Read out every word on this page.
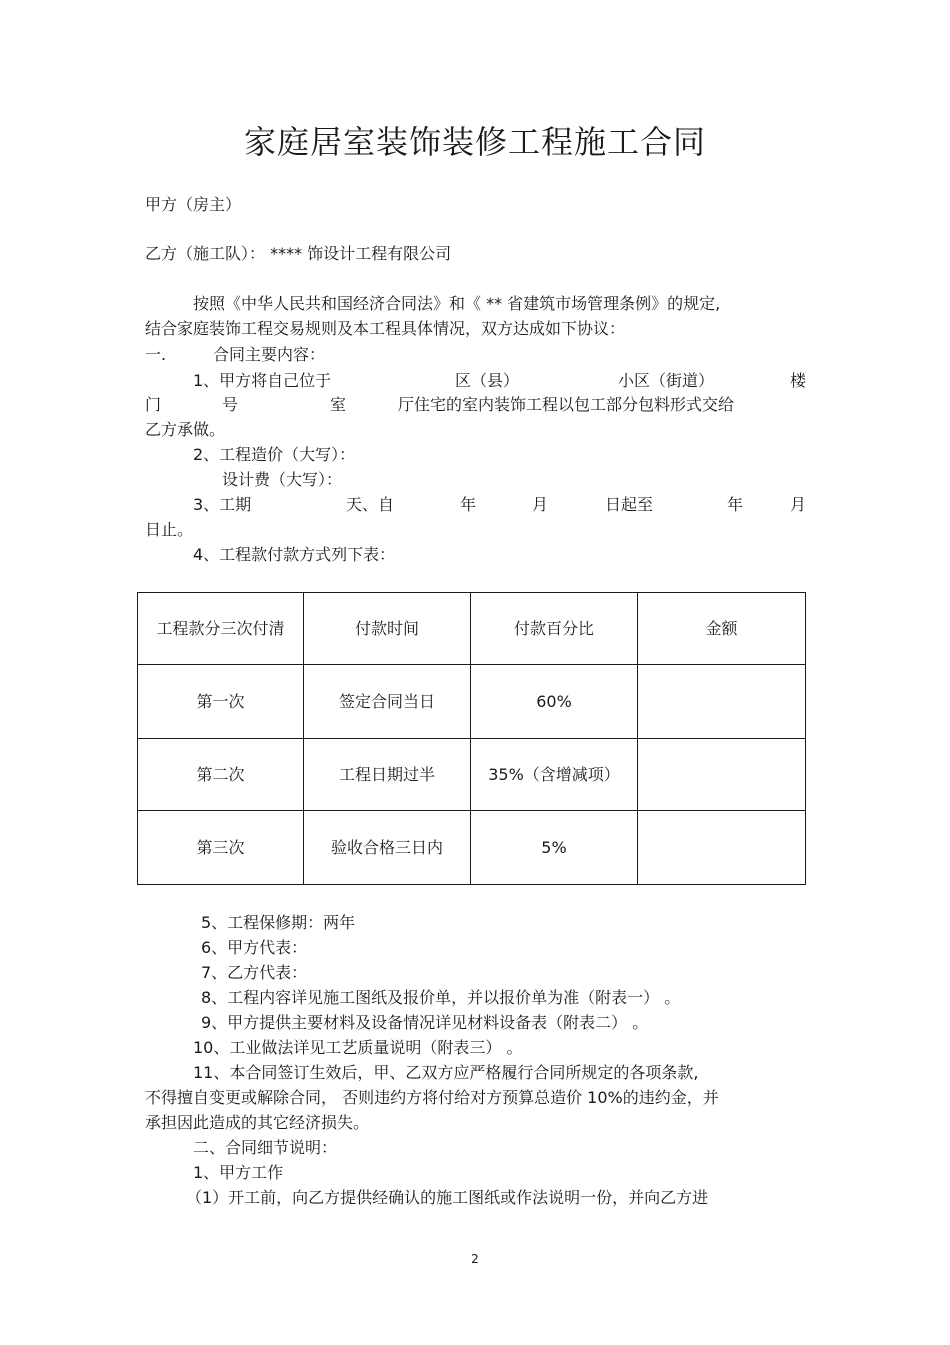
家庭居室装饰装修工程施工合同
甲方（房主）
乙方（施工队）： **** 饰设计工程有限公司
按照《中华人民共和国经济合同法》和《 ** 省建筑市场管理条例》的规定,
结合家庭装饰工程交易规则及本工程具体情况，双方达成如下协议：
一.	合同主要内容：
1、甲方将自己位于	区（县）	小区（街道）	楼
门	号	室	厅住宅的室内装饰工程以包工部分包料形式交给
乙方承做。
2、工程造价（大写）：
设计费（大写）：
3、工期	天、自	年	月	日起至	年	月
日止。
4、工程款付款方式列下表：
工程款分三次付清	付款时间	付款百分比	金额
第一次	签定合同当日	60%	
第二次	工程日期过半	35%（含增减项）	
第三次	验收合格三日内	5%	
5、工程保修期：两年
6、甲方代表：
7、乙方代表：
8、工程内容详见施工图纸及报价单，并以报价单为准（附表一） 。
9、甲方提供主要材料及设备情况详见材料设备表（附表二） 。
10、工业做法详见工艺质量说明（附表三） 。
11、本合同签订生效后，甲、乙双方应严格履行合同所规定的各项条款,
不得擅自变更或解除合同， 否则违约方将付给对方预算总造价 10%的违约金，并
承担因此造成的其它经济损失。
二、合同细节说明：
1、甲方工作
（1）开工前，向乙方提供经确认的施工图纸或作法说明一份，并向乙方进
2
